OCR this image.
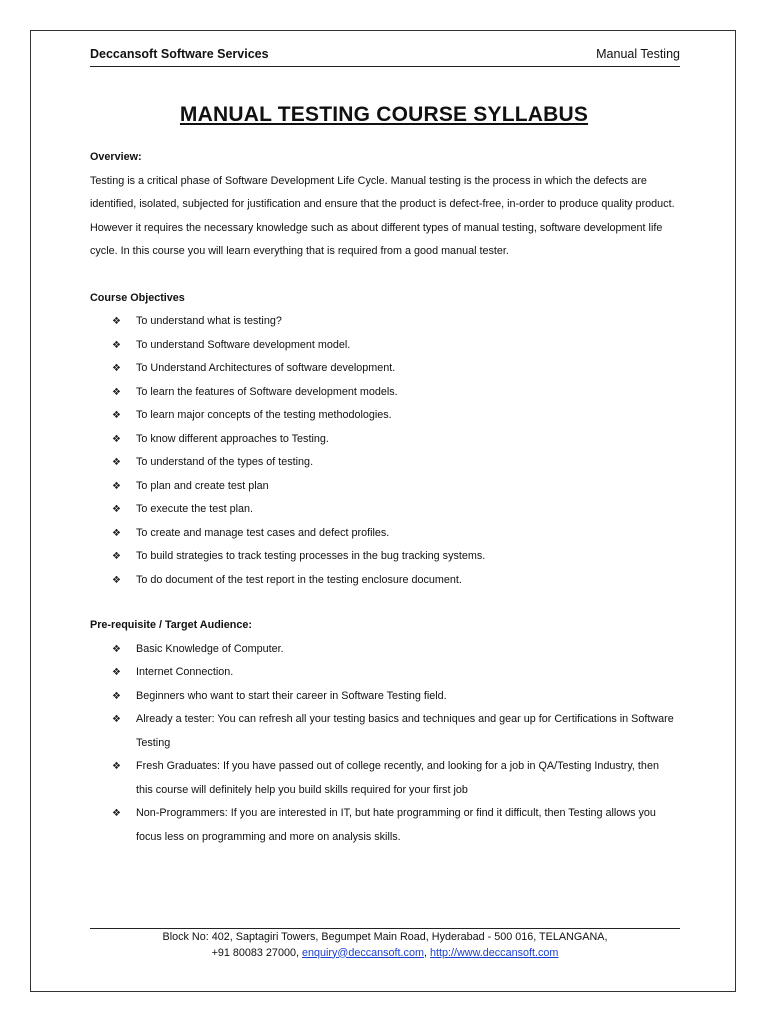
Deccansoft Software Services	Manual Testing
MANUAL TESTING COURSE SYLLABUS

Overview:

Testing is a critical phase of Software Development Life Cycle. Manual testing is the process in which the defects are identified, isolated, subjected for justification and ensure that the product is defect-free, in-order to produce quality product. However it requires the necessary knowledge such as about different types of manual testing, software development life cycle. In this course you will learn everything that is required from a good manual tester.

Course Objectives

❖ To understand what is testing?
❖ To understand Software development model.
❖ To Understand Architectures of software development.
❖ To learn the features of Software development models.
❖ To learn major concepts of the testing methodologies.
❖ To know different approaches to Testing.
❖ To understand of the types of testing.
❖ To plan and create test plan
❖ To execute the test plan.
❖ To create and manage test cases and defect profiles.
❖ To build strategies to track testing processes in the bug tracking systems.
❖ To do document of the test report in the testing enclosure document.

Pre-requisite / Target Audience:

❖ Basic Knowledge of Computer.
❖ Internet Connection.
❖ Beginners who want to start their career in Software Testing field.
❖ Already a tester: You can refresh all your testing basics and techniques and gear up for Certifications in Software Testing
❖ Fresh Graduates: If you have passed out of college recently, and looking for a job in QA/Testing Industry, then this course will definitely help you build skills required for your first job
❖ Non-Programmers: If you are interested in IT, but hate programming or find it difficult, then Testing allows you focus less on programming and more on analysis skills.
Block No: 402, Saptagiri Towers, Begumpet Main Road, Hyderabad - 500 016, TELANGANA,
+91 80083 27000, enquiry@deccansoft.com, http://www.deccansoft.com
